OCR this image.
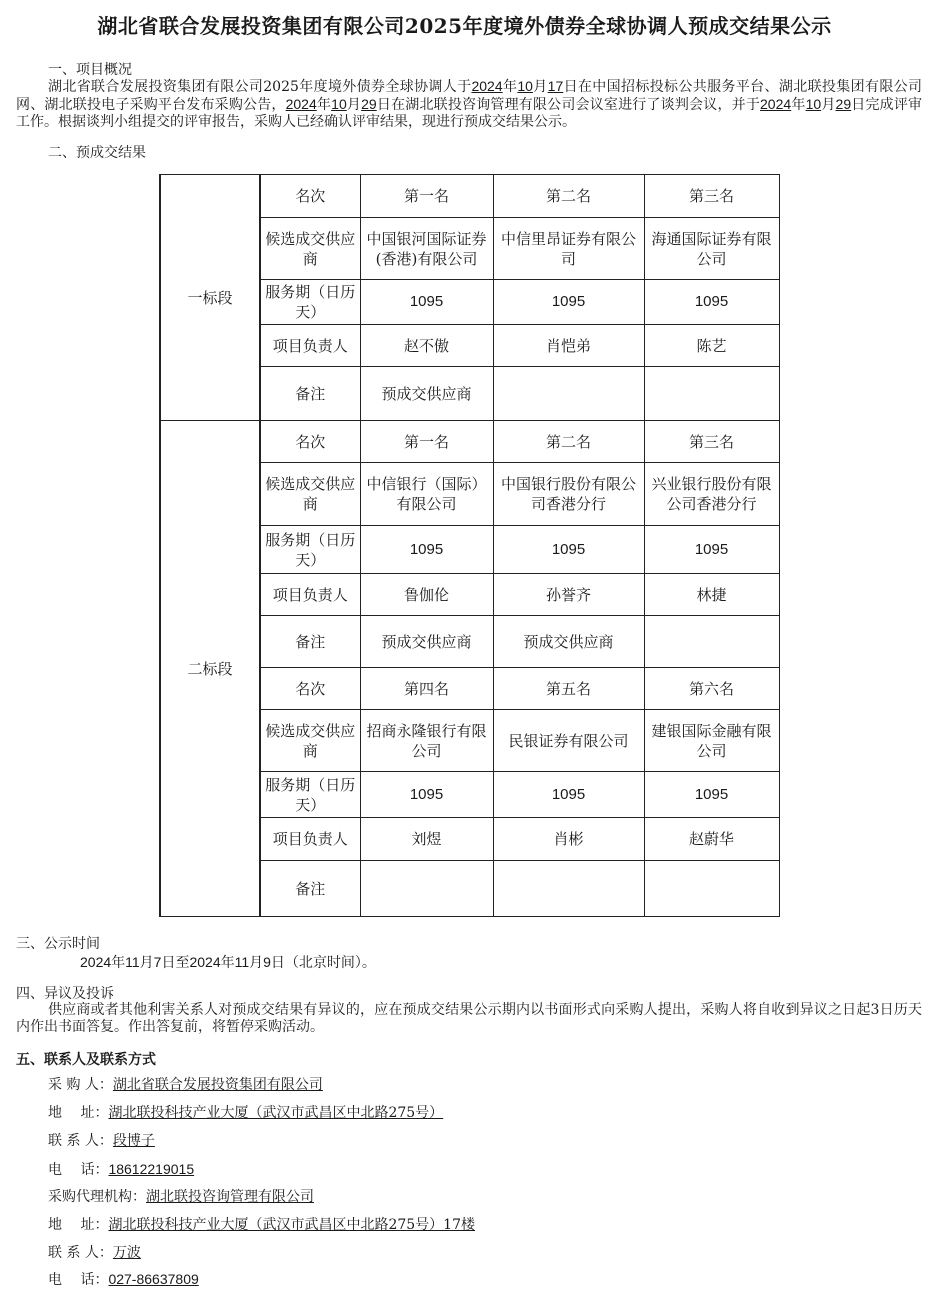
湖北省联合发展投资集团有限公司2025年度境外债券全球协调人预成交结果公示
一、项目概况
湖北省联合发展投资集团有限公司2025年度境外债券全球协调人于2024年10月17日在中国招标投标公共服务平台、湖北联投集团有限公司网、湖北联投电子采购平台发布采购公告，2024年10月29日在湖北联投咨询管理有限公司会议室进行了谈判会议，并于2024年10月29日完成评审工作。根据谈判小组提交的评审报告，采购人已经确认评审结果，现进行预成交结果公示。
二、预成交结果
一标段	名次	第一名	第二名	第三名
	候选成交供应商	中国银河国际证券(香港)有限公司	中信里昂证券有限公司	海通国际证券有限公司
	服务期（日历天）	1095	1095	1095
	项目负责人	赵不傲	肖恺弟	陈艺
	备注	预成交供应商		
二标段	名次	第一名	第二名	第三名
	候选成交供应商	中信银行（国际）有限公司	中国银行股份有限公司香港分行	兴业银行股份有限公司香港分行
	服务期（日历天）	1095	1095	1095
	项目负责人	鲁伽伦	孙誉齐	林捷
	备注	预成交供应商	预成交供应商	
	名次	第四名	第五名	第六名
	候选成交供应商	招商永隆银行有限公司	民银证券有限公司	建银国际金融有限公司
	服务期（日历天）	1095	1095	1095
	项目负责人	刘煜	肖彬	赵蔚华
	备注			
三、公示时间
2024年11月7日至2024年11月9日（北京时间）。
四、异议及投诉
供应商或者其他利害关系人对预成交结果有异议的，应在预成交结果公示期内以书面形式向采购人提出，采购人将自收到异议之日起3日历天内作出书面答复。作出答复前，将暂停采购活动。
五、联系人及联系方式
采 购 人：湖北省联合发展投资集团有限公司
地　 址：湖北联投科技产业大厦（武汉市武昌区中北路275号）
联 系 人：段博子
电　 话：18612219015
采购代理机构：湖北联投咨询管理有限公司
地　 址：湖北联投科技产业大厦（武汉市武昌区中北路275号）17楼
联 系 人：万波
电　 话：027-86637809
